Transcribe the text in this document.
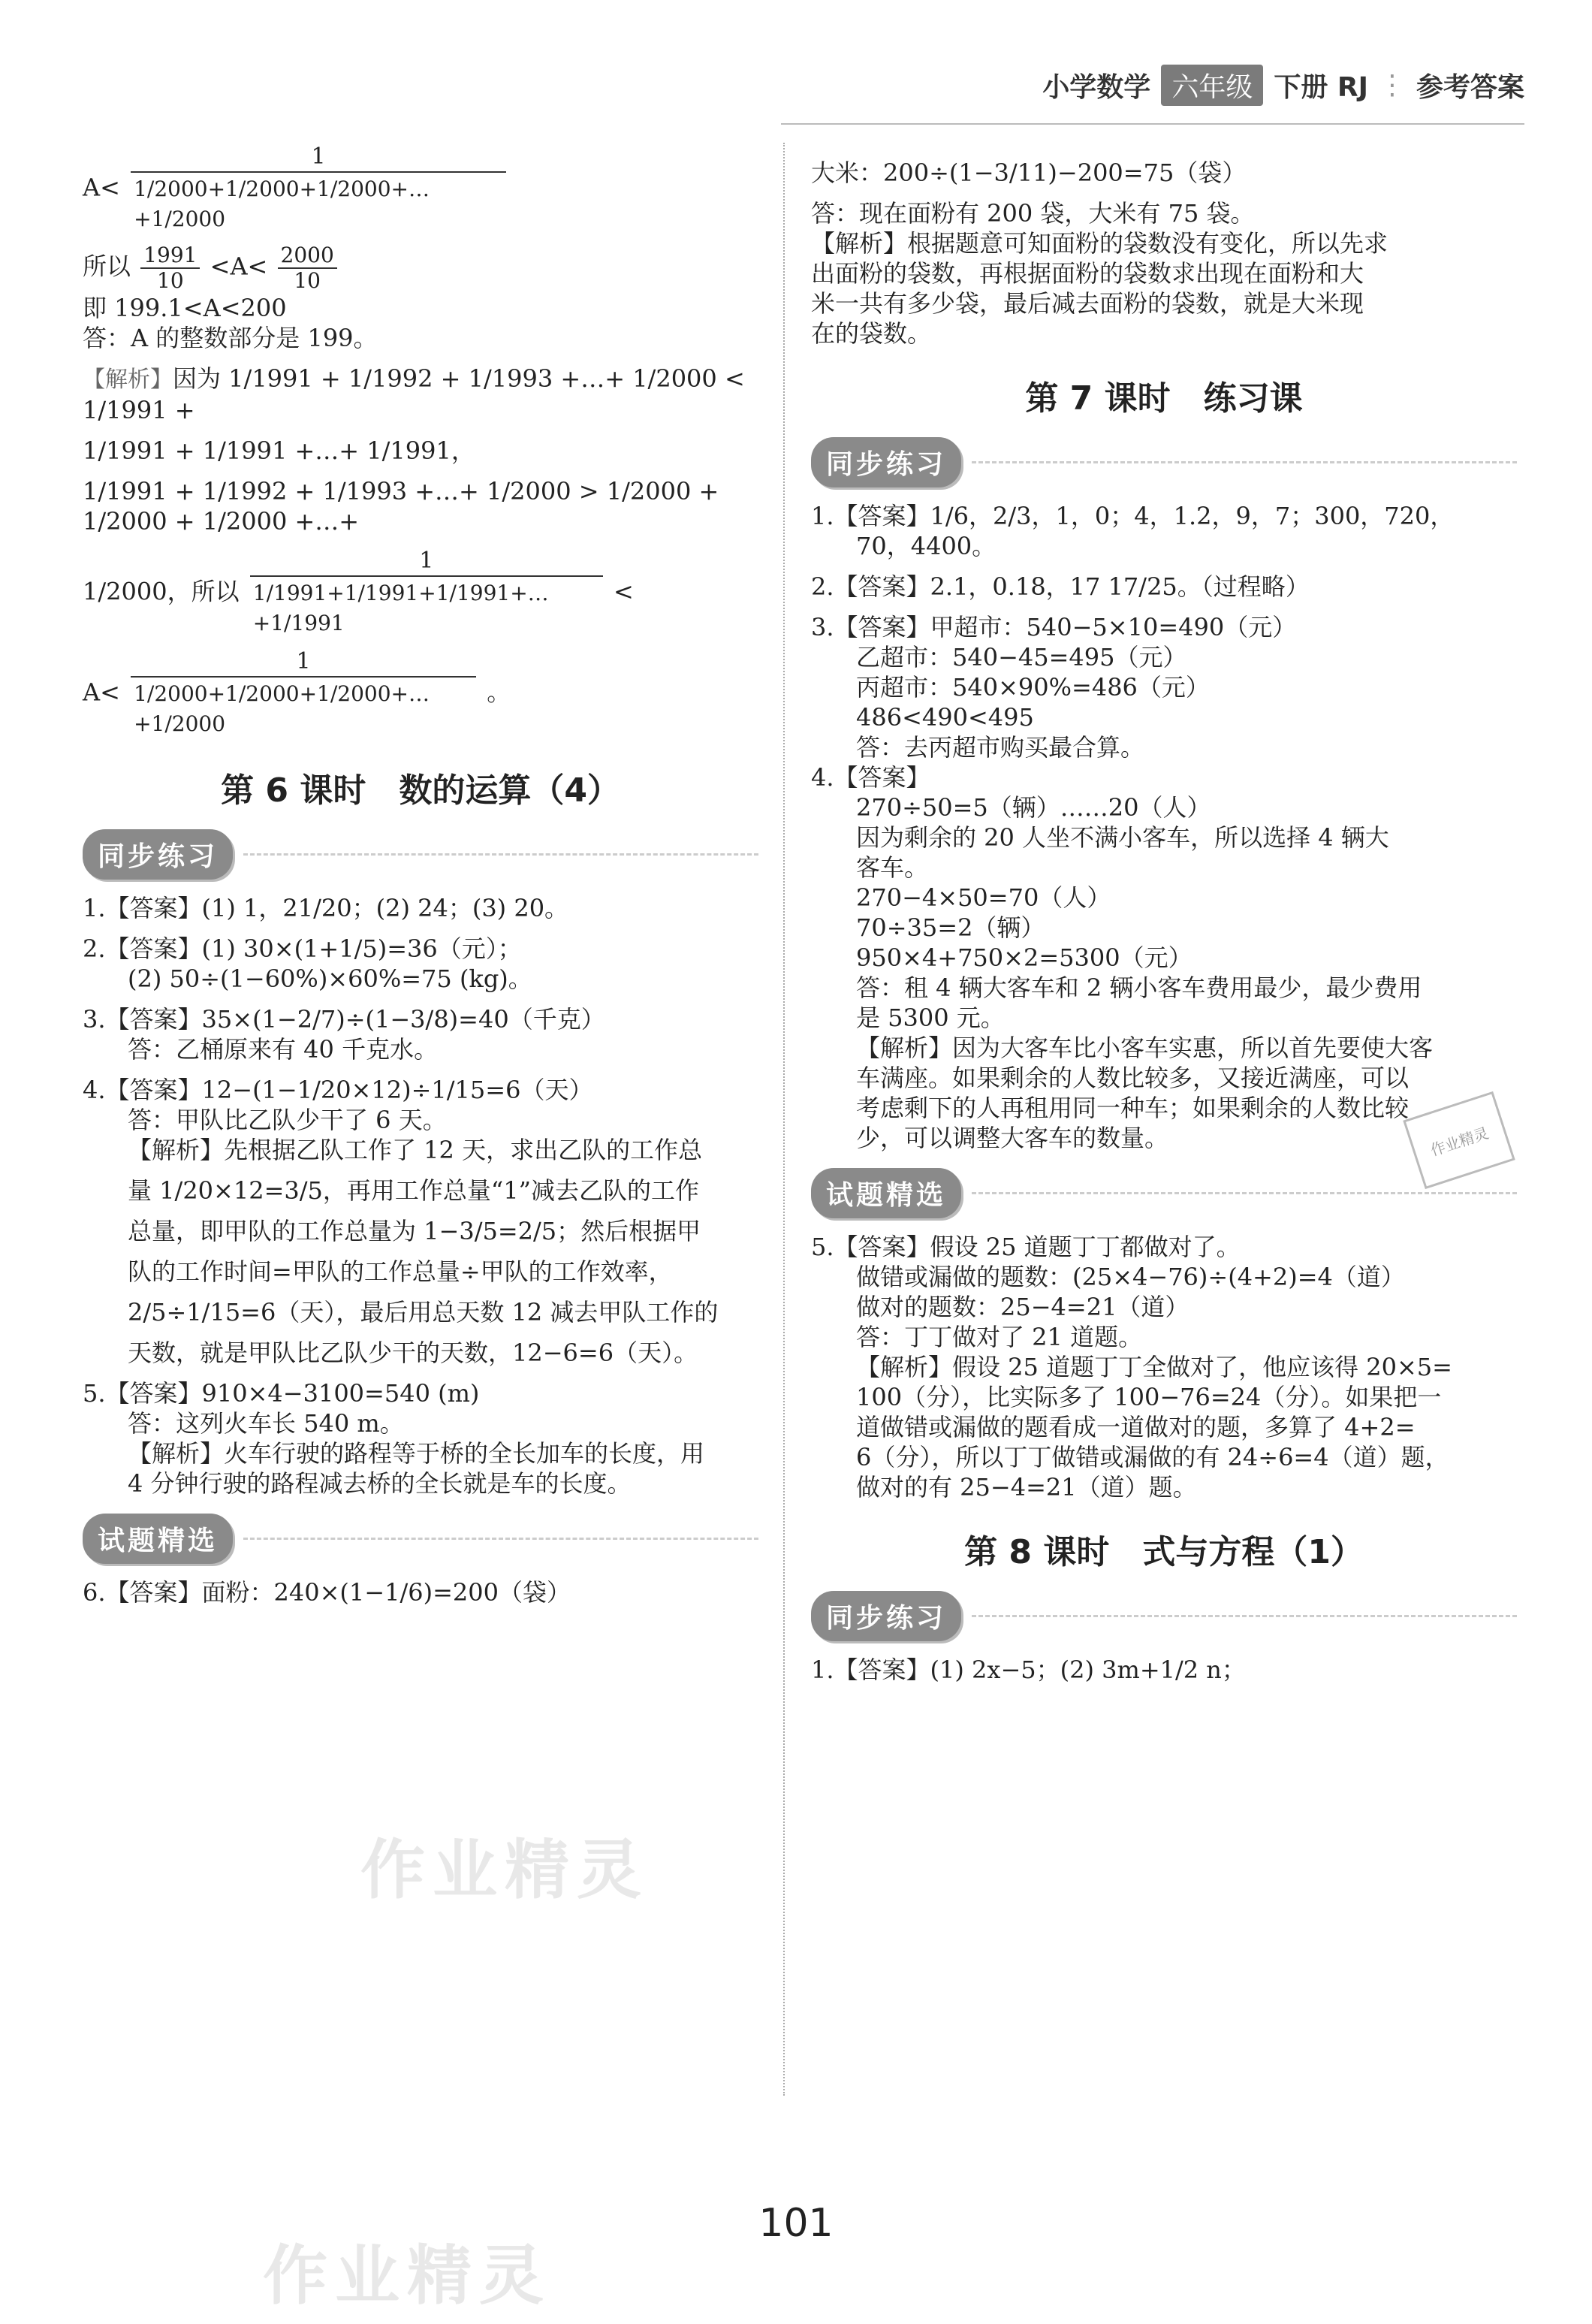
小学数学 六年级 下册 RJ ⋮ 参考答案

$A< \frac{1}{1/2000+1/2000+1/2000+\dots+1/2000}$

所以 $\frac{1991}{10} <A< \frac{2000}{10}$

即 199.1<A<200

答：A 的整数部分是 199。

【解析】因为 1/1991 + 1/1992 + 1/1993 +…+ 1/2000 < 1/1991 +

1/1991 + 1/1991 +…+ 1/1991，

1/1991 + 1/1992 + 1/1993 +…+ 1/2000 > 1/2000 + 1/2000 + 1/2000 +…+

1/2000，所以 $\frac{1}{1/1991+1/1991+1/1991+\dots+1/1991}$ <

$A< \frac{1}{1/2000+1/2000+1/2000+\dots+1/2000}$ 。

第 6 课时　数的运算（4）
同步练习

1.【答案】(1) 1，21/20；(2) 24；(3) 20。

2.【答案】(1) 30×(1+1/5)=36（元）；

(2) 50÷(1−60%)×60%=75 (kg)。

3.【答案】35×(1−2/7)÷(1−3/8)=40（千克）

答：乙桶原来有 40 千克水。

4.【答案】12−(1−1/20×12)÷1/15=6（天）

答：甲队比乙队少干了 6 天。

【解析】先根据乙队工作了 12 天，求出乙队的工作总

量 1/20×12=3/5，再用工作总量“1”减去乙队的工作

总量，即甲队的工作总量为 1−3/5=2/5；然后根据甲

队的工作时间=甲队的工作总量÷甲队的工作效率，

2/5÷1/15=6（天），最后用总天数 12 减去甲队工作的

天数，就是甲队比乙队少干的天数，12−6=6（天）。

5.【答案】910×4−3100=540 (m)

答：这列火车长 540 m。

【解析】火车行驶的路程等于桥的全长加车的长度，用

4 分钟行驶的路程减去桥的全长就是车的长度。

试题精选

6.【答案】面粉：240×(1−1/6)=200（袋）

大米：200÷(1−3/11)−200=75（袋）

答：现在面粉有 200 袋，大米有 75 袋。

【解析】根据题意可知面粉的袋数没有变化，所以先求

出面粉的袋数，再根据面粉的袋数求出现在面粉和大

米一共有多少袋，最后减去面粉的袋数，就是大米现

在的袋数。

第 7 课时　练习课
同步练习

1.【答案】1/6，2/3，1，0；4，1.2，9，7；300，720，

70，4400。

2.【答案】2.1，0.18，17 17/25。（过程略）

3.【答案】甲超市：540−5×10=490（元）

乙超市：540−45=495（元）

丙超市：540×90%=486（元）

486<490<495

答：去丙超市购买最合算。

4.【答案】

270÷50=5（辆）……20（人）

因为剩余的 20 人坐不满小客车，所以选择 4 辆大

客车。

270−4×50=70（人）

70÷35=2（辆）

950×4+750×2=5300（元）

答：租 4 辆大客车和 2 辆小客车费用最少，最少费用

是 5300 元。

【解析】因为大客车比小客车实惠，所以首先要使大客

车满座。如果剩余的人数比较多，又接近满座，可以

考虑剩下的人再租用同一种车；如果剩余的人数比较

少，可以调整大客车的数量。

试题精选

5.【答案】假设 25 道题丁丁都做对了。

做错或漏做的题数：(25×4−76)÷(4+2)=4（道）

做对的题数：25−4=21（道）

答：丁丁做对了 21 道题。

【解析】假设 25 道题丁丁全做对了，他应该得 20×5=

100（分），比实际多了 100−76=24（分）。如果把一

道做错或漏做的题看成一道做对的题，多算了 4+2=

6（分），所以丁丁做错或漏做的有 24÷6=4（道）题，

做对的有 25−4=21（道）题。

第 8 课时　式与方程（1）
同步练习

1.【答案】(1) 2x−5；(2) 3m+1/2 n；

作业精灵
作业精灵
作业精灵
101
